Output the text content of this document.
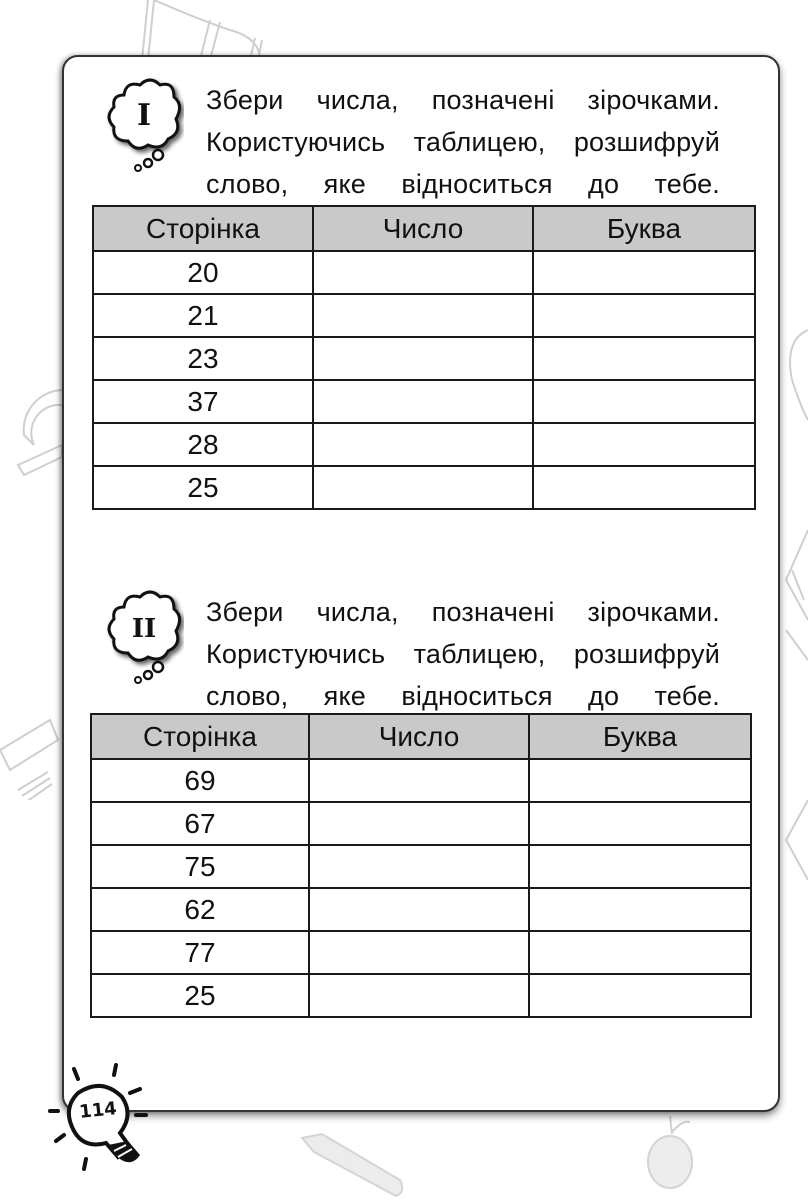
I Збери числа, позначені зірочками.
Користуючись таблицею, розшифруй
слово, яке відноситься до тебе.
Сторінка	Число	Буква
20		
21		
23		
37		
28		
25		
II
Збери числа, позначені зірочками.
Користуючись таблицею, розшифруй
слово, яке відноситься до тебе.
Сторінка	Число	Буква
69		
67		
75		
62		
77		
25		
114
